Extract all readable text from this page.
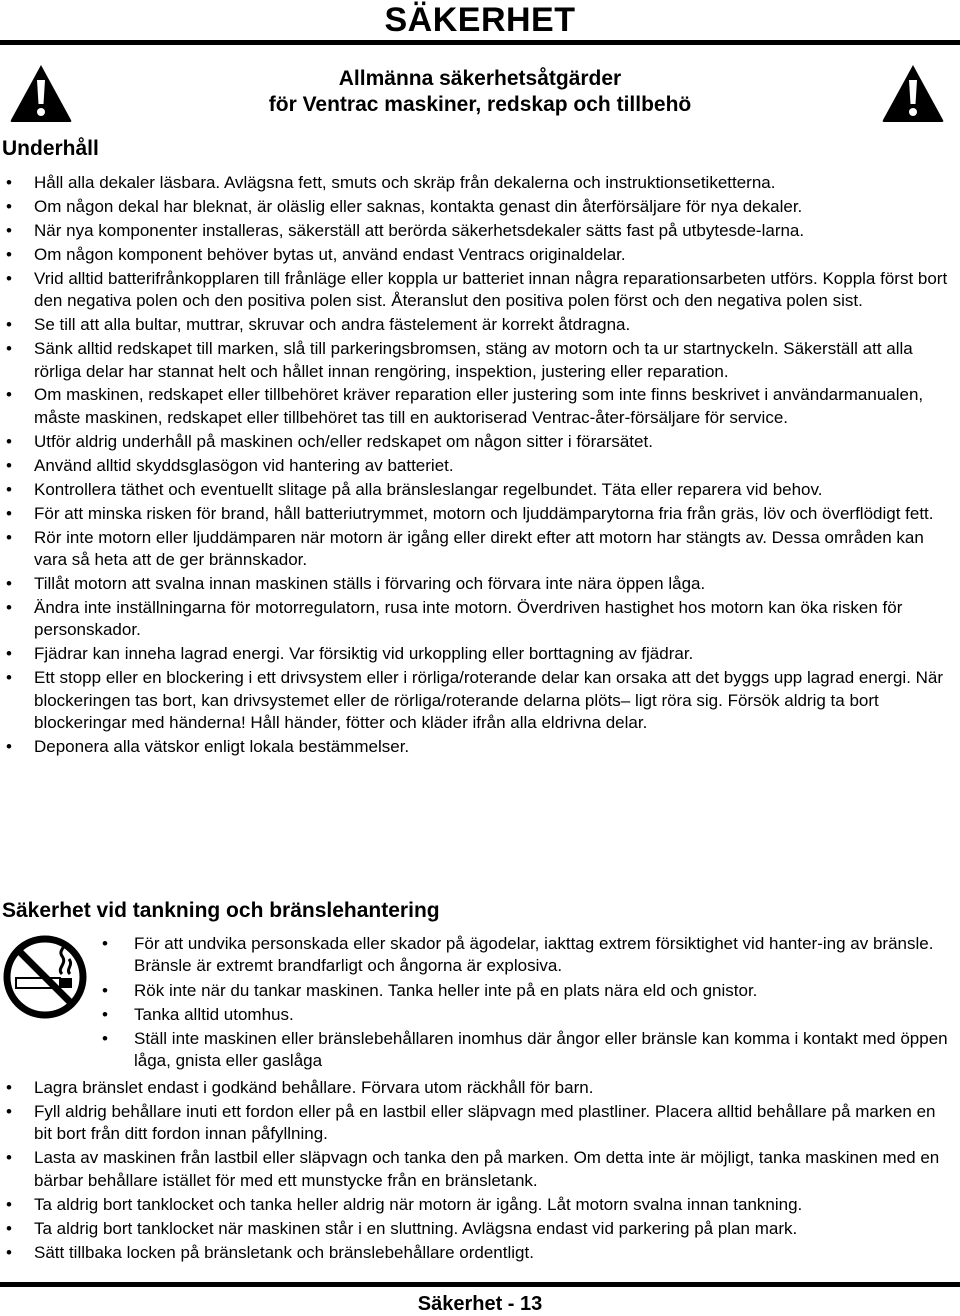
SÄKERHET
Allmänna säkerhetsåtgärder
för Ventrac maskiner, redskap och tillbehö
Underhåll
• Håll alla dekaler läsbara. Avlägsna fett, smuts och skräp från dekalerna och instruktionsetiketterna.
• Om någon dekal har bleknat, är oläslig eller saknas, kontakta genast din återförsäljare för nya dekaler.
• När nya komponenter installeras, säkerställ att berörda säkerhetsdekaler sätts fast på utbytesde-larna.
• Om någon komponent behöver bytas ut, använd endast Ventracs originaldelar.
• Vrid alltid batterifrånkopplaren till frånläge eller koppla ur batteriet innan några reparationsarbeten utförs. Koppla först bort den negativa polen och den positiva polen sist. Återanslut den positiva polen först och den negativa polen sist.
• Se till att alla bultar, muttrar, skruvar och andra fästelement är korrekt åtdragna.
• Sänk alltid redskapet till marken, slå till parkeringsbromsen, stäng av motorn och ta ur startnyckeln. Säkerställ att alla rörliga delar har stannat helt och hållet innan rengöring, inspektion, justering eller reparation.
• Om maskinen, redskapet eller tillbehöret kräver reparation eller justering som inte finns beskrivet i användarmanualen, måste maskinen, redskapet eller tillbehöret tas till en auktoriserad Ventrac-åter-försäljare för service.
• Utför aldrig underhåll på maskinen och/eller redskapet om någon sitter i förarsätet.
• Använd alltid skyddsglasögon vid hantering av batteriet.
• Kontrollera täthet och eventuellt slitage på alla bränsleslangar regelbundet. Täta eller reparera vid behov.
• För att minska risken för brand, håll batteriutrymmet, motorn och ljuddämparytorna fria från gräs, löv och överflödigt fett.
• Rör inte motorn eller ljuddämparen när motorn är igång eller direkt efter att motorn har stängts av. Dessa områden kan vara så heta att de ger brännskador.
• Tillåt motorn att svalna innan maskinen ställs i förvaring och förvara inte nära öppen låga.
• Ändra inte inställningarna för motorregulatorn, rusa inte motorn. Överdriven hastighet hos motorn kan öka risken för personskador.
• Fjädrar kan inneha lagrad energi. Var försiktig vid urkoppling eller borttagning av fjädrar.
• Ett stopp eller en blockering i ett drivsystem eller i rörliga/roterande delar kan orsaka att det byggs upp lagrad energi. När blockeringen tas bort, kan drivsystemet eller de rörliga/roterande delarna plöts– ligt röra sig. Försök aldrig ta bort blockeringar med händerna! Håll händer, fötter och kläder ifrån alla eldrivna delar.
• Deponera alla vätskor enligt lokala bestämmelser.
Säkerhet vid tankning och bränslehantering
• För att undvika personskada eller skador på ägodelar, iakttag extrem försiktighet vid hanter-ing av bränsle. Bränsle är extremt brandfarligt och ångorna är explosiva.
• Rök inte när du tankar maskinen. Tanka heller inte på en plats nära eld och gnistor.
• Tanka alltid utomhus.
• Ställ inte maskinen eller bränslebehållaren inomhus där ångor eller bränsle kan komma i kontakt med öppen låga, gnista eller gaslåga
• Lagra bränslet endast i godkänd behållare. Förvara utom räckhåll för barn.
• Fyll aldrig behållare inuti ett fordon eller på en lastbil eller släpvagn med plastliner. Placera alltid behållare på marken en bit bort från ditt fordon innan påfyllning.
• Lasta av maskinen från lastbil eller släpvagn och tanka den på marken. Om detta inte är möjligt, tanka maskinen med en bärbar behållare istället för med ett munstycke från en bränsletank.
• Ta aldrig bort tanklocket och tanka heller aldrig när motorn är igång. Låt motorn svalna innan tankning.
• Ta aldrig bort tanklocket när maskinen står i en sluttning. Avlägsna endast vid parkering på plan mark.
• Sätt tillbaka locken på bränsletank och bränslebehållare ordentligt.
Säkerhet - 13
